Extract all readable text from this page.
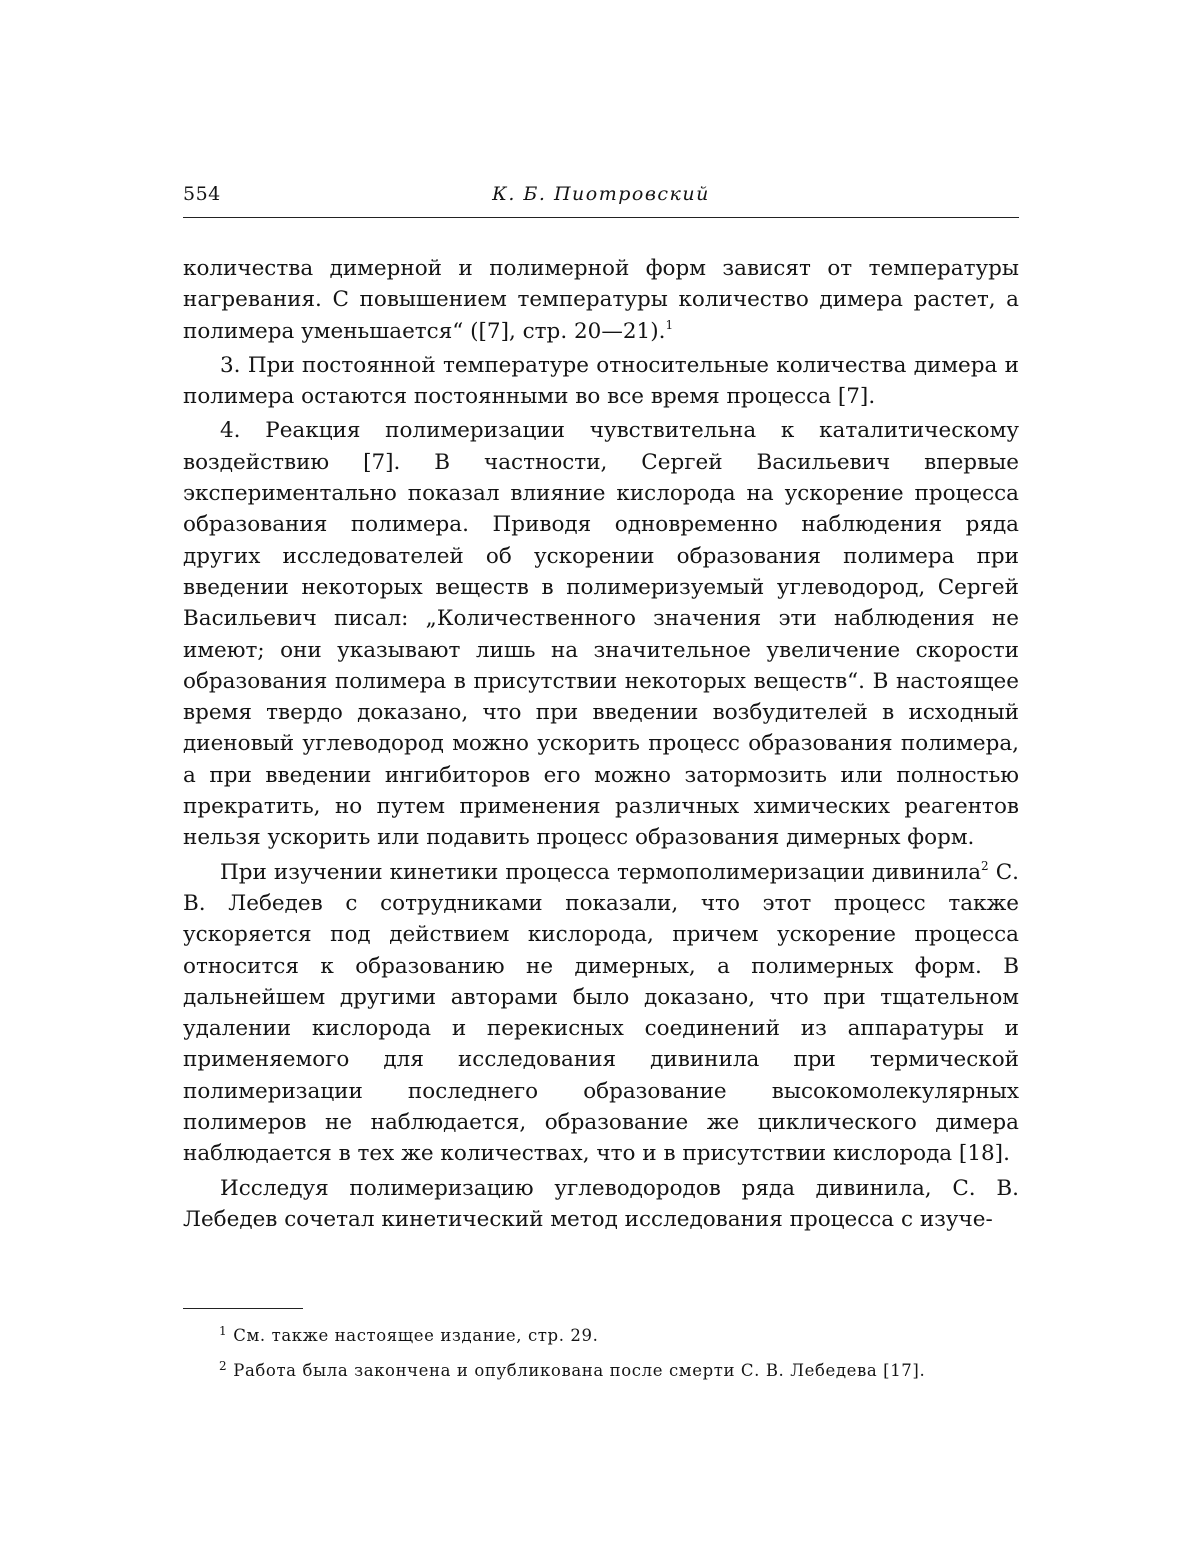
554	К. Б. Пиотровский

количества димерной и полимерной форм зависят от температуры нагревания. С повышением температуры количество димера растет, а полимера уменьшается“ ([7], стр. 20—21).$^1$

3. При постоянной температуре относительные количества димера и полимера остаются постоянными во все время процесса [7].

4. Реакция полимеризации чувствительна к каталитическому воздействию [7]. В частности, Сергей Васильевич впервые экспериментально показал влияние кислорода на ускорение процесса образования полимера. Приводя одновременно наблюдения ряда других исследователей об ускорении образования полимера при введении некоторых веществ в полимеризуемый углеводород, Сергей Васильевич писал: „Количественного значения эти наблюдения не имеют; они указывают лишь на значительное увеличение скорости образования полимера в присутствии некоторых веществ“. В настоящее время твердо доказано, что при введении возбудителей в исходный диеновый углеводород можно ускорить процесс образования полимера, а при введении ингибиторов его можно затормозить или полностью прекратить, но путем применения различных химических реагентов нельзя ускорить или подавить процесс образования димерных форм.

При изучении кинетики процесса термополимеризации дивинила$^2$ С. В. Лебедев с сотрудниками показали, что этот процесс также ускоряется под действием кислорода, причем ускорение процесса относится к образованию не димерных, а полимерных форм. В дальнейшем другими авторами было доказано, что при тщательном удалении кислорода и перекисных соединений из аппаратуры и применяемого для исследования дивинила при термической полимеризации последнего образование высокомолекулярных полимеров не наблюдается, образование же циклического димера наблюдается в тех же количествах, что и в присутствии кислорода [18].

Исследуя полимеризацию углеводородов ряда дивинила, С. В. Лебедев сочетал кинетический метод исследования процесса с изуче-

$^1$ См. также настоящее издание, стр. 29.

$^2$ Работа была закончена и опубликована после смерти С. В. Лебедева [17].
